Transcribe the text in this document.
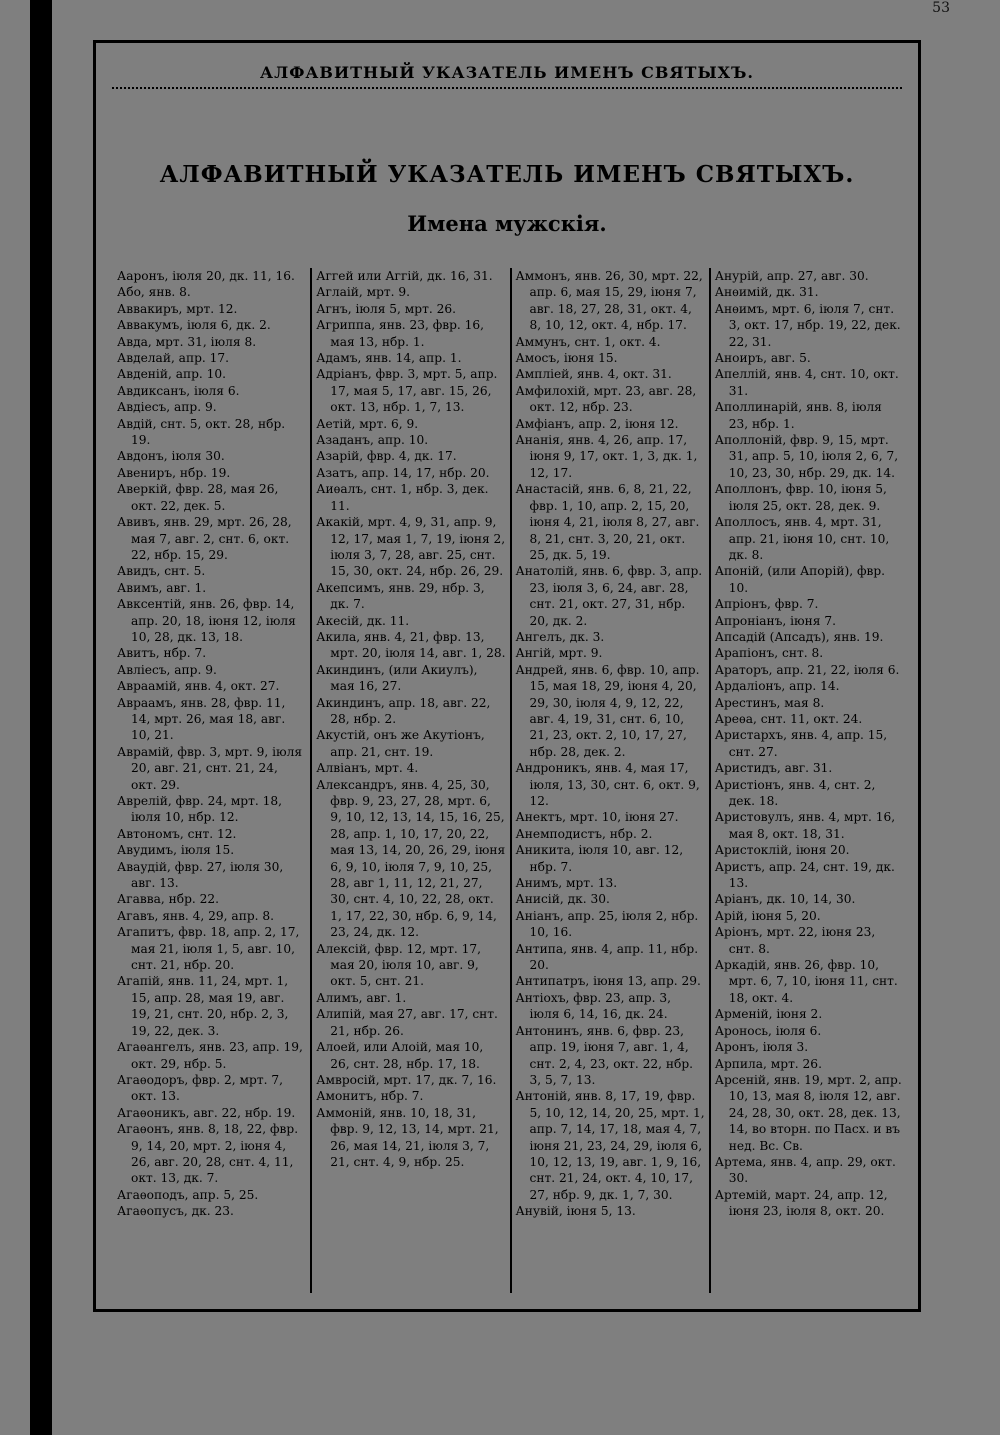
53
АЛФАВИТНЫЙ УКАЗАТЕЛЬ ИМЕНЪ СВЯТЫХЪ.
АЛФАВИТНЫЙ УКАЗАТЕЛЬ ИМЕНЪ СВЯТЫХЪ.
Имена мужскія.

Ааронъ, іюля 20, дк. 11, 16.

Або, янв. 8.

Аввакиръ, мрт. 12.

Аввакумъ, іюля 6, дк. 2.

Авда, мрт. 31, іюля 8.

Авделай, апр. 17.

Авденій, апр. 10.

Авдиксанъ, іюля 6.

Авдіесъ, апр. 9.

Авдій, снт. 5, окт. 28, нбр. 19.

Авдонъ, іюля 30.

Авениръ, нбр. 19.

Аверкій, фвр. 28, мая 26, окт. 22, дек. 5.

Авивъ, янв. 29, мрт. 26, 28, мая 7, авг. 2, снт. 6, окт. 22, нбр. 15, 29.

Авидъ, снт. 5.

Авимъ, авг. 1.

Авксентій, янв. 26, фвр. 14, апр. 20, 18, іюня 12, іюля 10, 28, дк. 13, 18.

Авитъ, нбр. 7.

Авліесъ, апр. 9.

Авраамій, янв. 4, окт. 27.

Авраамъ, янв. 28, фвр. 11, 14, мрт. 26, мая 18, авг. 10, 21.

Аврамій, фвр. 3, мрт. 9, іюля 20, авг. 21, снт. 21, 24, окт. 29.

Аврелій, фвр. 24, мрт. 18, іюля 10, нбр. 12.

Автономъ, снт. 12.

Авудимъ, іюля 15.

Аваудій, фвр. 27, іюля 30, авг. 13.

Агавва, нбр. 22.

Агавъ, янв. 4, 29, апр. 8.

Агапитъ, фвр. 18, апр. 2, 17, мая 21, іюля 1, 5, авг. 10, снт. 21, нбр. 20.

Агапій, янв. 11, 24, мрт. 1, 15, апр. 28, мая 19, авг. 19, 21, снт. 20, нбр. 2, 3, 19, 22, дек. 3.

Агаѳангелъ, янв. 23, апр. 19, окт. 29, нбр. 5.

Агаѳодоръ, фвр. 2, мрт. 7, окт. 13.

Агаѳоникъ, авг. 22, нбр. 19.

Агаѳонъ, янв. 8, 18, 22, фвр. 9, 14, 20, мрт. 2, іюня 4, 26, авг. 20, 28, снт. 4, 11, окт. 13, дк. 7.

Агаѳоподъ, апр. 5, 25.

Агаѳопусъ, дк. 23.

Аггей или Аггій, дк. 16, 31.

Аглаій, мрт. 9.

Агнъ, іюля 5, мрт. 26.

Агриппа, янв. 23, фвр. 16, мая 13, нбр. 1.

Адамъ, янв. 14, апр. 1.

Адріанъ, фвр. 3, мрт. 5, апр. 17, мая 5, 17, авг. 15, 26, окт. 13, нбр. 1, 7, 13.

Аетій, мрт. 6, 9.

Азаданъ, апр. 10.

Азарій, фвр. 4, дк. 17.

Азатъ, апр. 14, 17, нбр. 20.

Аиѳалъ, снт. 1, нбр. 3, дек. 11.

Акакій, мрт. 4, 9, 31, апр. 9, 12, 17, мая 1, 7, 19, іюня 2, іюля 3, 7, 28, авг. 25, снт. 15, 30, окт. 24, нбр. 26, 29.

Акепсимъ, янв. 29, нбр. 3, дк. 7.

Акесій, дк. 11.

Акила, янв. 4, 21, фвр. 13, мрт. 20, іюля 14, авг. 1, 28.

Акиндинъ, (или Акиулъ), мая 16, 27.

Акиндинъ, апр. 18, авг. 22, 28, нбр. 2.

Акустій, онъ же Акутіонъ, апр. 21, снт. 19.

Алвіанъ, мрт. 4.

Александръ, янв. 4, 25, 30, фвр. 9, 23, 27, 28, мрт. 6, 9, 10, 12, 13, 14, 15, 16, 25, 28, апр. 1, 10, 17, 20, 22, мая 13, 14, 20, 26, 29, іюня 6, 9, 10, іюля 7, 9, 10, 25, 28, авг 1, 11, 12, 21, 27, 30, снт. 4, 10, 22, 28, окт. 1, 17, 22, 30, нбр. 6, 9, 14, 23, 24, дк. 12.

Алексій, фвр. 12, мрт. 17, мая 20, іюля 10, авг. 9, окт. 5, снт. 21.

Алимъ, авг. 1.

Алипій, мая 27, авг. 17, снт. 21, нбр. 26.

Алоей, или Алоій, мая 10, 26, снт. 28, нбр. 17, 18.

Амвросій, мрт. 17, дк. 7, 16.

Амонитъ, нбр. 7.

Аммоній, янв. 10, 18, 31, фвр. 9, 12, 13, 14, мрт. 21, 26, мая 14, 21, іюля 3, 7, 21, снт. 4, 9, нбр. 25.

Аммонъ, янв. 26, 30, мрт. 22, апр. 6, мая 15, 29, іюня 7, авг. 18, 27, 28, 31, окт. 4, 8, 10, 12, окт. 4, нбр. 17.

Аммунъ, снт. 1, окт. 4.

Амосъ, іюня 15.

Ампліей, янв. 4, окт. 31.

Амфилохій, мрт. 23, авг. 28, окт. 12, нбр. 23.

Амфіанъ, апр. 2, іюня 12.

Ананія, янв. 4, 26, апр. 17, іюня 9, 17, окт. 1, 3, дк. 1, 12, 17.

Анастасій, янв. 6, 8, 21, 22, фвр. 1, 10, апр. 2, 15, 20, іюня 4, 21, іюля 8, 27, авг. 8, 21, снт. 3, 20, 21, окт. 25, дк. 5, 19.

Анатолій, янв. 6, фвр. 3, апр. 23, іюля 3, 6, 24, авг. 28, снт. 21, окт. 27, 31, нбр. 20, дк. 2.

Ангелъ, дк. 3.

Ангій, мрт. 9.

Андрей, янв. 6, фвр. 10, апр. 15, мая 18, 29, іюня 4, 20, 29, 30, іюля 4, 9, 12, 22, авг. 4, 19, 31, снт. 6, 10, 21, 23, окт. 2, 10, 17, 27, нбр. 28, дек. 2.

Андроникъ, янв. 4, мая 17, іюля, 13, 30, снт. 6, окт. 9, 12.

Анектъ, мрт. 10, іюня 27.

Анемподистъ, нбр. 2.

Аникита, іюля 10, авг. 12, нбр. 7.

Анимъ, мрт. 13.

Анисій, дк. 30.

Аніанъ, апр. 25, іюля 2, нбр. 10, 16.

Антипа, янв. 4, апр. 11, нбр. 20.

Антипатръ, іюня 13, апр. 29.

Антіохъ, фвр. 23, апр. 3, іюля 6, 14, 16, дк. 24.

Антонинъ, янв. 6, фвр. 23, апр. 19, іюня 7, авг. 1, 4, снт. 2, 4, 23, окт. 22, нбр. 3, 5, 7, 13.

Антоній, янв. 8, 17, 19, фвр. 5, 10, 12, 14, 20, 25, мрт. 1, апр. 7, 14, 17, 18, мая 4, 7, іюня 21, 23, 24, 29, іюля 6, 10, 12, 13, 19, авг. 1, 9, 16, снт. 21, 24, окт. 4, 10, 17, 27, нбр. 9, дк. 1, 7, 30.

Анувій, іюня 5, 13.

Анурій, апр. 27, авг. 30.

Анѳимій, дк. 31.

Анѳимъ, мрт. 6, іюля 7, снт. 3, окт. 17, нбр. 19, 22, дек. 22, 31.

Аноиръ, авг. 5.

Апеллій, янв. 4, снт. 10, окт. 31.

Аполлинарій, янв. 8, іюля 23, нбр. 1.

Аполлоній, фвр. 9, 15, мрт. 31, апр. 5, 10, іюля 2, 6, 7, 10, 23, 30, нбр. 29, дк. 14.

Аполлонъ, фвр. 10, іюня 5, іюля 25, окт. 28, дек. 9.

Аполлосъ, янв. 4, мрт. 31, апр. 21, іюня 10, снт. 10, дк. 8.

Апоній, (или Апорій), фвр. 10.

Апріонъ, фвр. 7.

Апроніанъ, іюня 7.

Апсадій (Апсадъ), янв. 19.

Арапіонъ, снт. 8.

Араторъ, апр. 21, 22, іюля 6.

Ардаліонъ, апр. 14.

Арестинъ, мая 8.

Ареѳа, снт. 11, окт. 24.

Аристархъ, янв. 4, апр. 15, снт. 27.

Аристидъ, авг. 31.

Аристіонъ, янв. 4, снт. 2, дек. 18.

Аристовулъ, янв. 4, мрт. 16, мая 8, окт. 18, 31.

Аристоклій, іюня 20.

Аристъ, апр. 24, снт. 19, дк. 13.

Аріанъ, дк. 10, 14, 30.

Арій, іюня 5, 20.

Аріонъ, мрт. 22, іюня 23, снт. 8.

Аркадій, янв. 26, фвр. 10, мрт. 6, 7, 10, іюня 11, снт. 18, окт. 4.

Арменій, іюня 2.

Аронось, іюля 6.

Аронъ, іюля 3.

Арпила, мрт. 26.

Арсеній, янв. 19, мрт. 2, апр. 10, 13, мая 8, іюля 12, авг. 24, 28, 30, окт. 28, дек. 13, 14, во вторн. по Пасх. и въ нед. Вс. Св.

Артема, янв. 4, апр. 29, окт. 30.

Артемій, март. 24, апр. 12, іюня 23, іюля 8, окт. 20.
